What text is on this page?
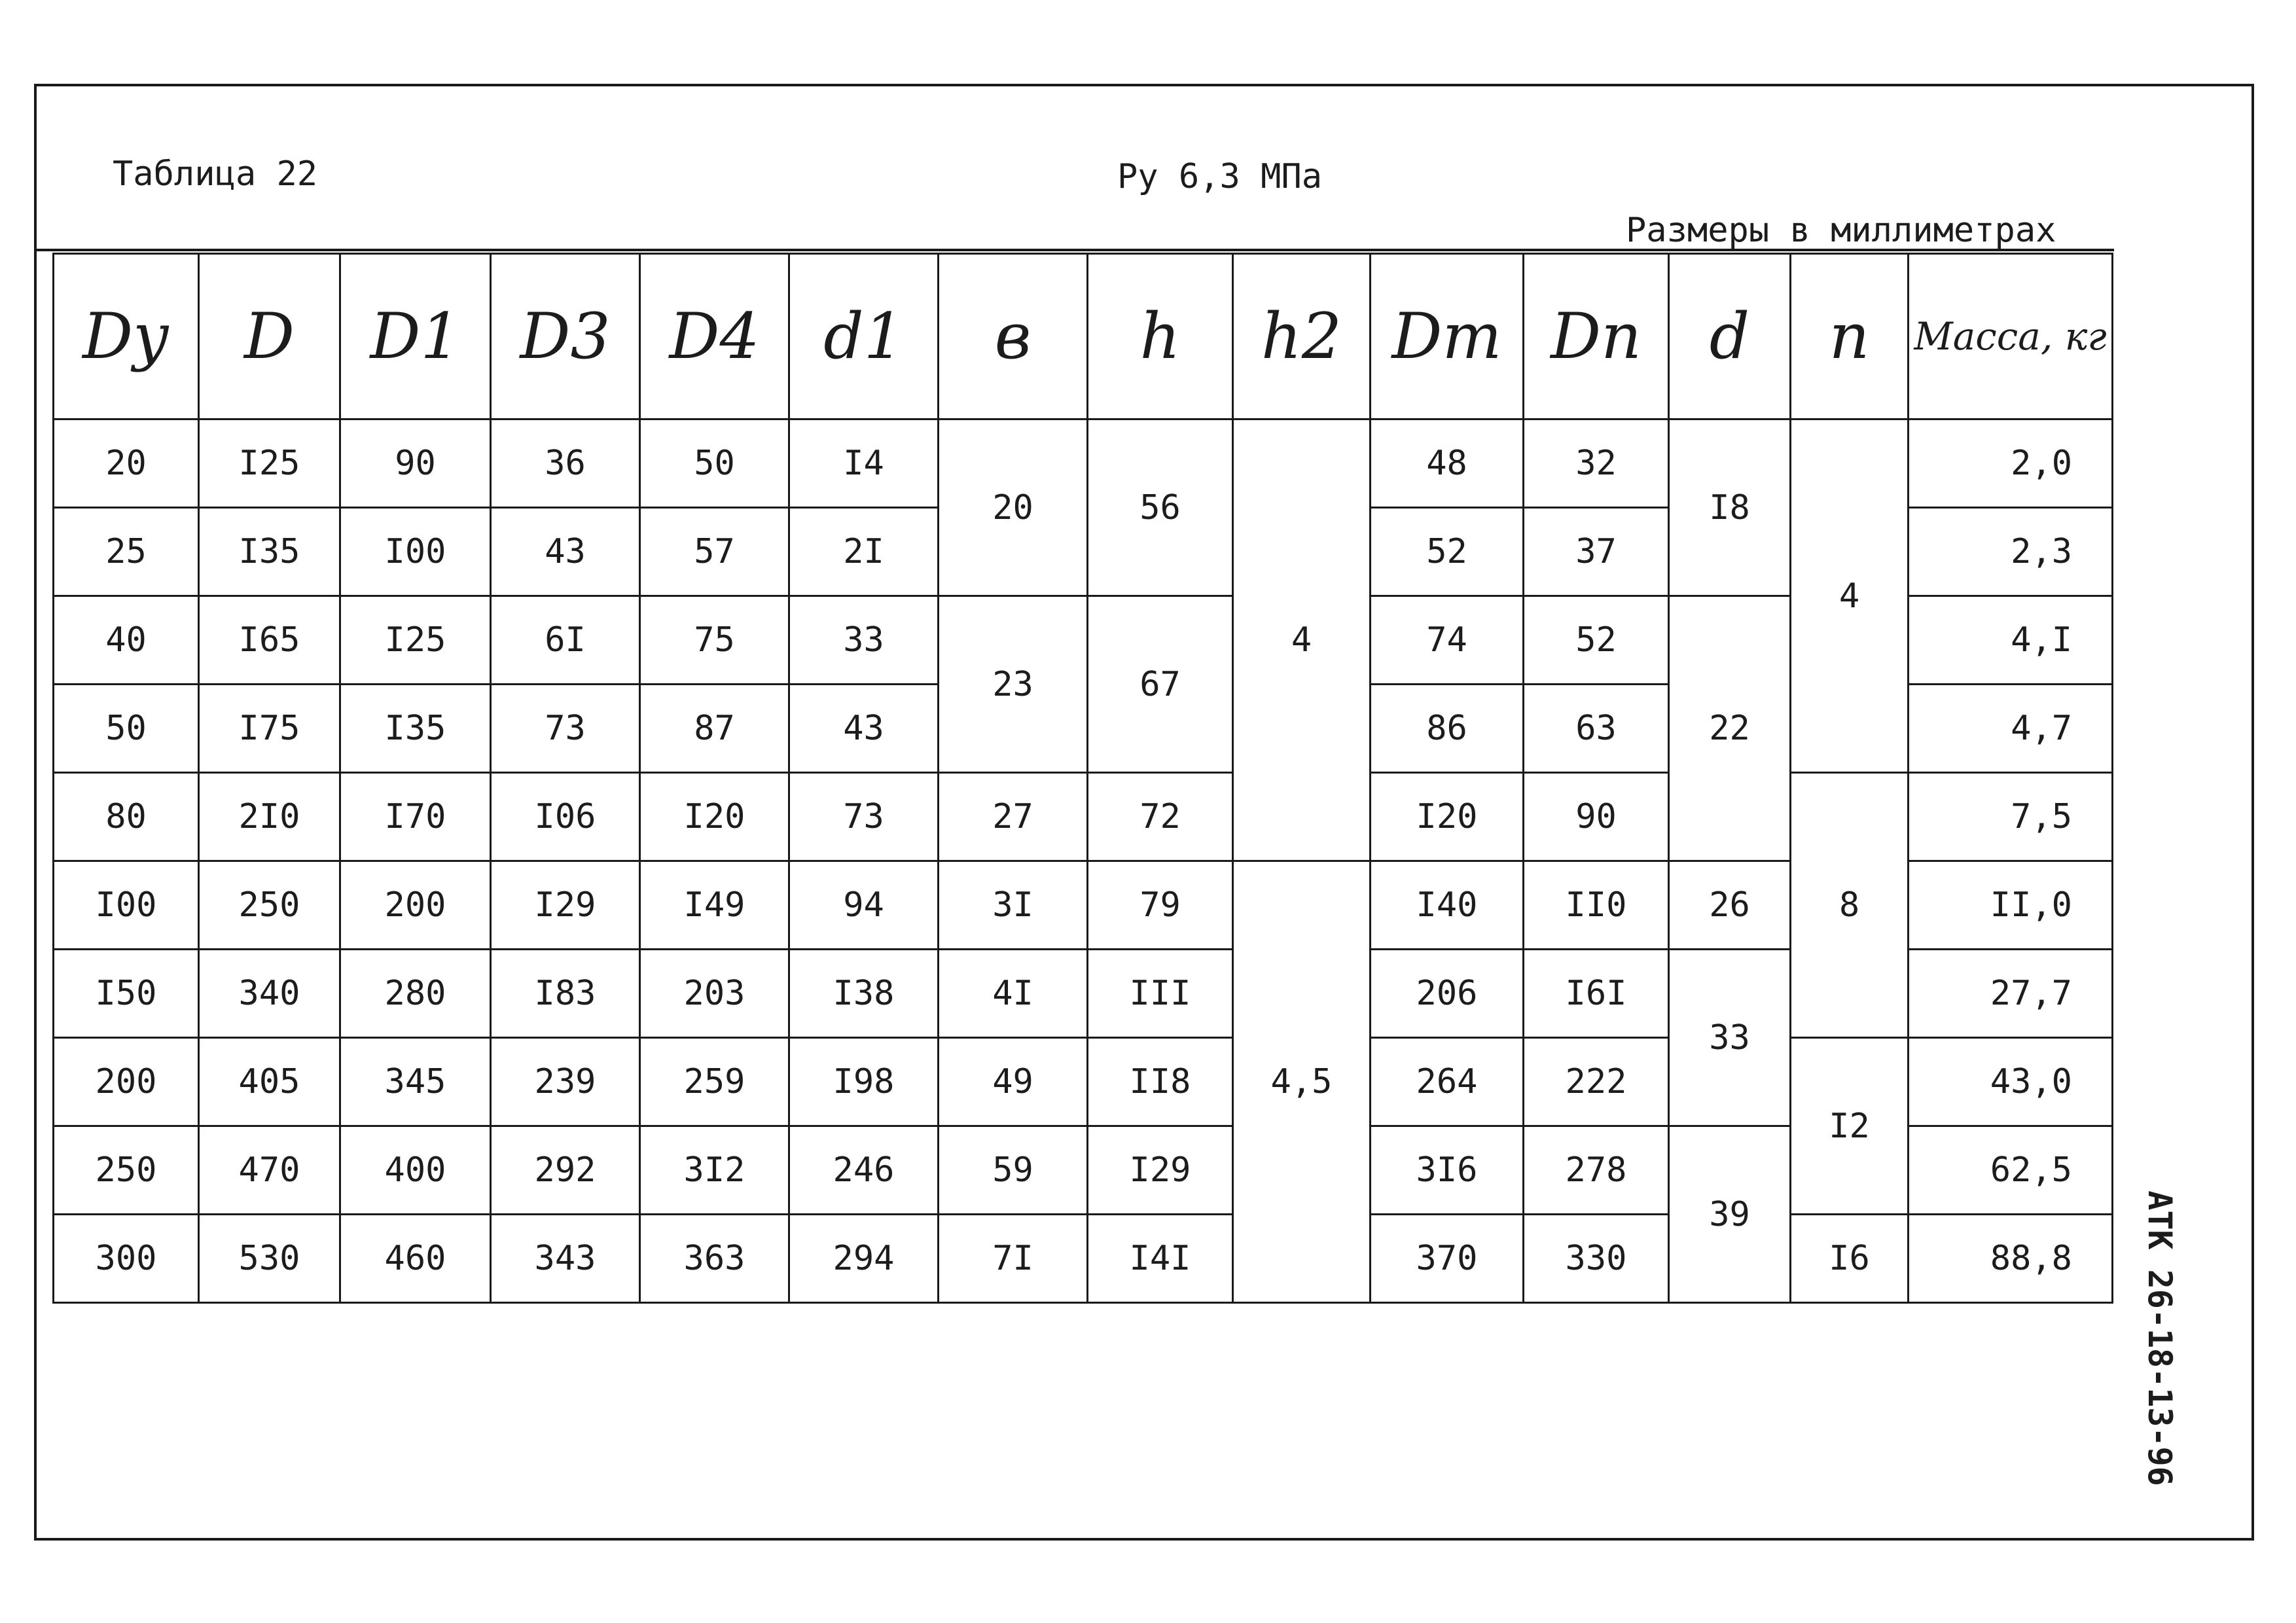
Таблица 22	Ру 6,3 МПа
Размеры в миллиметрах
АТК 26-18-13-96
Dу	D	D1	D3	D4	d1	в	h	h2	Dm	Dn	d	n	Масса, кг
20	I25	90	36	50	I4	20	56	4	48	32	I8	4	2,0
25	I35	I00	43	57	2I				52	37			2,3
40	I65	I25	6I	75	33	23	67		74	52	22		4,I
50	I75	I35	73	87	43				86	63			4,7
80	2I0	I70	I06	I20	73	27	72		I20	90		8	7,5
I00	250	200	I29	I49	94	3I	79	4,5	I40	II0	26		II,0
I50	340	280	I83	203	I38	4I	III		206	I6I	33		27,7
200	405	345	239	259	I98	49	II8		264	222		I2	43,0
250	470	400	292	3I2	246	59	I29		3I6	278	39		62,5
300	530	460	343	363	294	7I	I4I		370	330		I6	88,8
